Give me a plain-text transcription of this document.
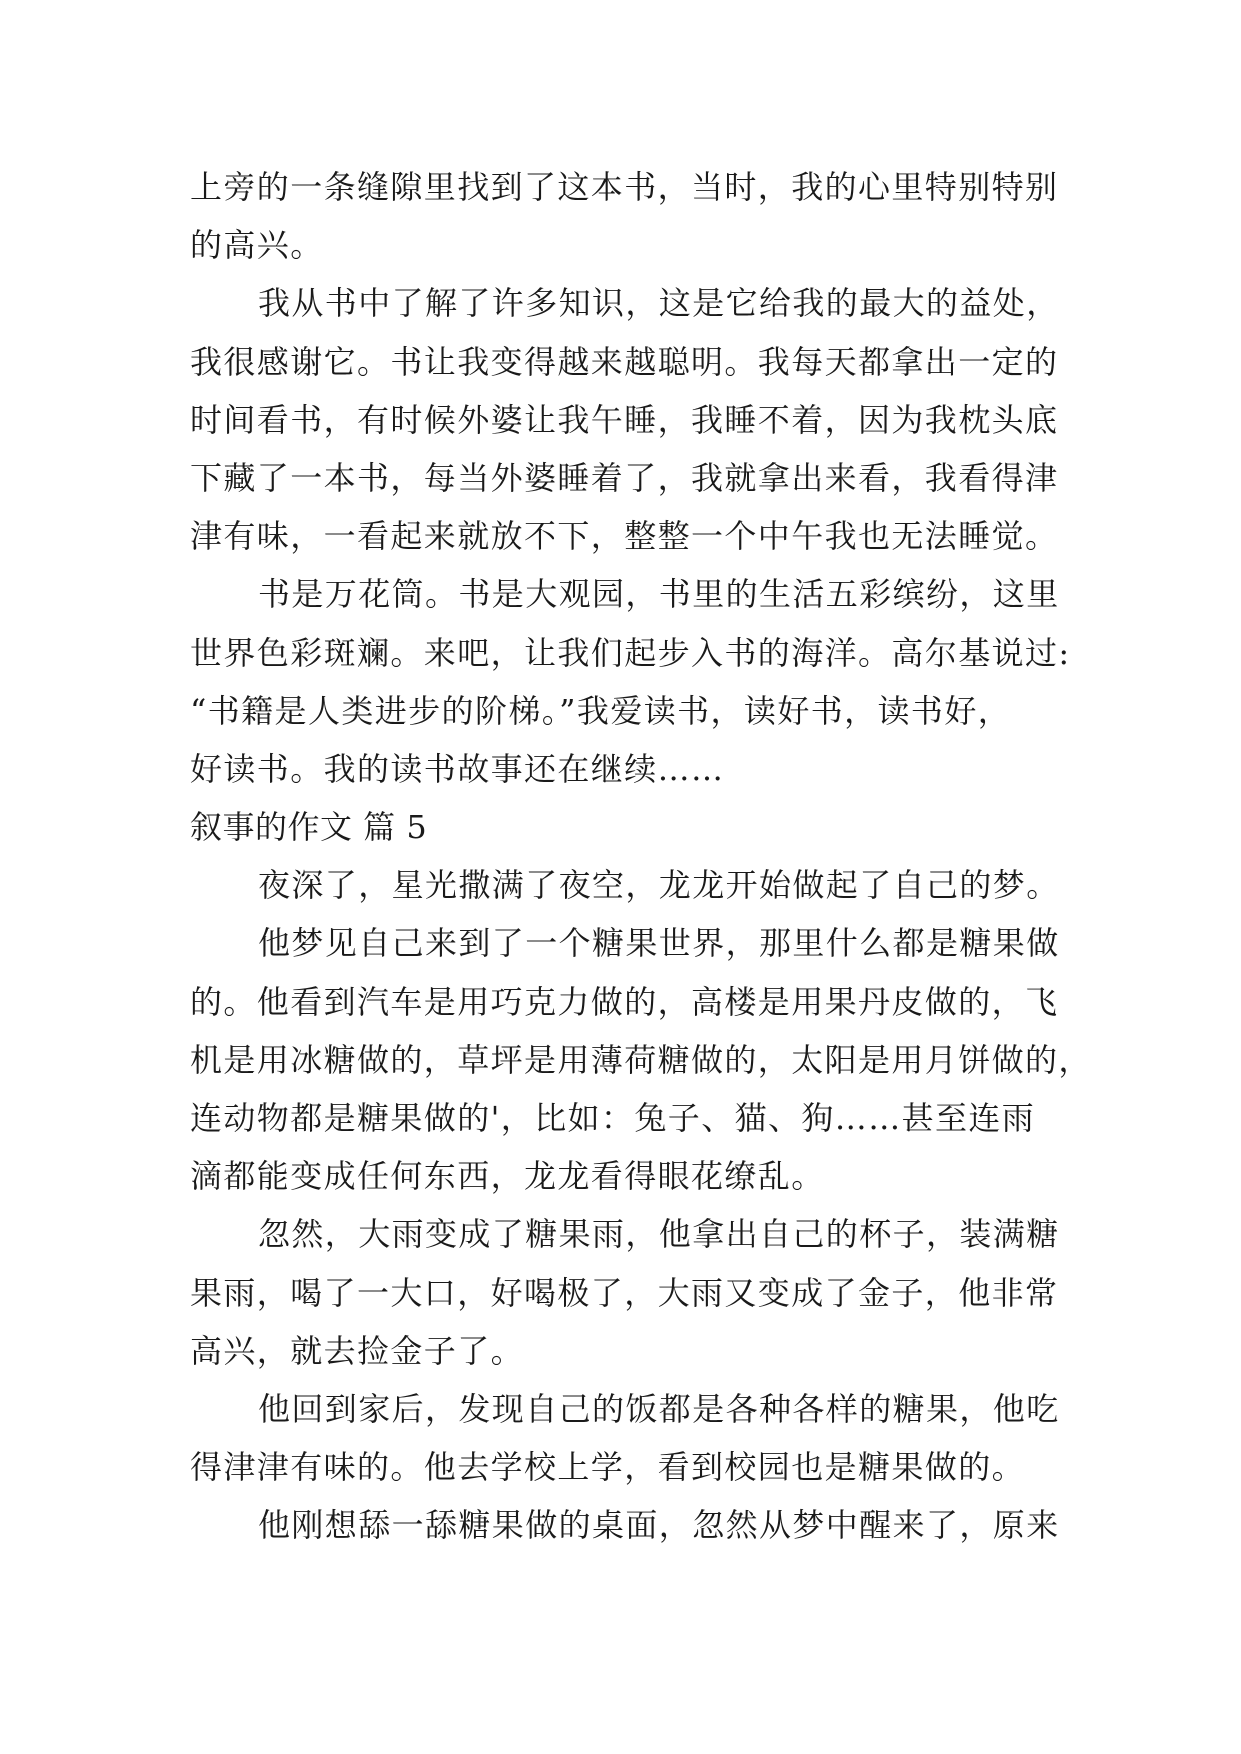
上旁的一条缝隙里找到了这本书，当时，我的心里特别特别
的高兴。
我从书中了解了许多知识，这是它给我的最大的益处，
我很感谢它。书让我变得越来越聪明。我每天都拿出一定的
时间看书，有时候外婆让我午睡，我睡不着，因为我枕头底
下藏了一本书，每当外婆睡着了，我就拿出来看，我看得津
津有味，一看起来就放不下，整整一个中午我也无法睡觉。
书是万花筒。书是大观园，书里的生活五彩缤纷，这里
世界色彩斑斓。来吧，让我们起步入书的海洋。高尔基说过:
“书籍是人类进步的阶梯。”我爱读书，读好书，读书好，
好读书。我的读书故事还在继续……
叙事的作文 篇 5
夜深了，星光撒满了夜空，龙龙开始做起了自己的梦。
他梦见自己来到了一个糖果世界，那里什么都是糖果做
的。他看到汽车是用巧克力做的，高楼是用果丹皮做的，飞
机是用冰糖做的，草坪是用薄荷糖做的，太阳是用月饼做的，
连动物都是糖果做的'，比如：兔子、猫、狗……甚至连雨
滴都能变成任何东西，龙龙看得眼花缭乱。
忽然，大雨变成了糖果雨，他拿出自己的杯子，装满糖
果雨，喝了一大口，好喝极了，大雨又变成了金子，他非常
高兴，就去捡金子了。
他回到家后，发现自己的饭都是各种各样的糖果，他吃
得津津有味的。他去学校上学，看到校园也是糖果做的。
他刚想舔一舔糖果做的桌面，忽然从梦中醒来了，原来
